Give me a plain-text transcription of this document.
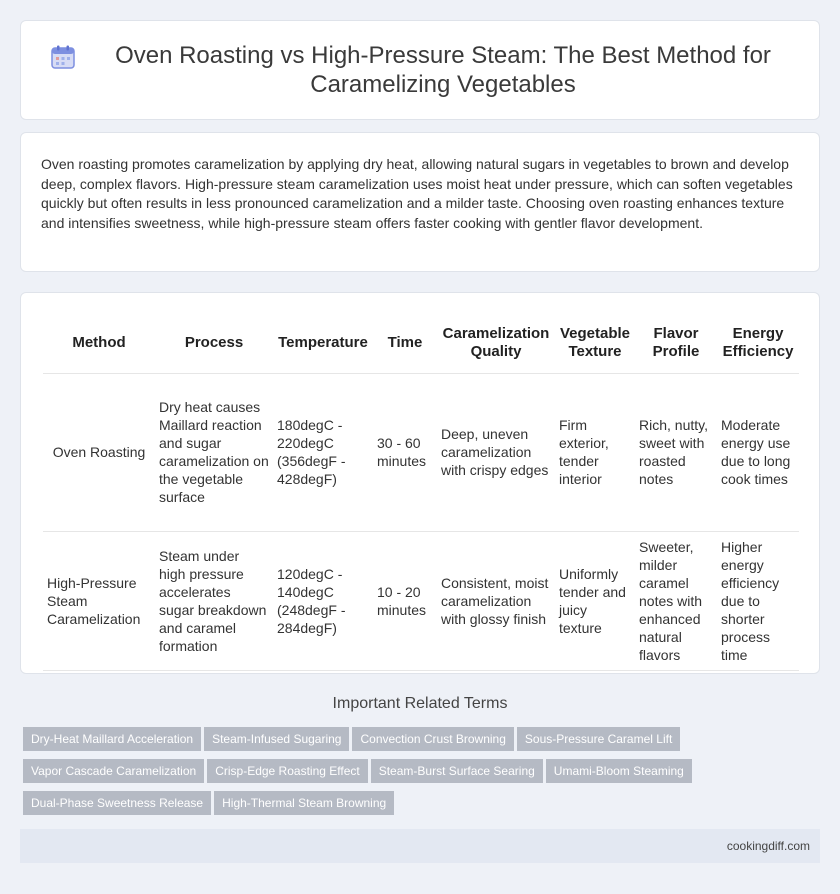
Oven Roasting vs High-Pressure Steam: The Best Method for Caramelizing Vegetables

Oven roasting promotes caramelization by applying dry heat, allowing natural sugars in vegetables to brown and develop deep, complex flavors. High-pressure steam caramelization uses moist heat under pressure, which can soften vegetables quickly but often results in less pronounced caramelization and a milder taste. Choosing oven roasting enhances texture and intensifies sweetness, while high-pressure steam offers faster cooking with gentler flavor development.

Method	Process	Temperature	Time	Caramelization Quality	Vegetable Texture	Flavor Profile	Energy Efficiency
Oven Roasting	Dry heat causes Maillard reaction and sugar caramelization on the vegetable surface	180degC - 220degC (356degF - 428degF)	30 - 60 minutes	Deep, uneven caramelization with crispy edges	Firm exterior, tender interior	Rich, nutty, sweet with roasted notes	Moderate energy use due to long cook times
High-Pressure Steam Caramelization	Steam under high pressure accelerates sugar breakdown and caramel formation	120degC - 140degC (248degF - 284degF)	10 - 20 minutes	Consistent, moist caramelization with glossy finish	Uniformly tender and juicy texture	Sweeter, milder caramel notes with enhanced natural flavors	Higher energy efficiency due to shorter process time
Important Related Terms
Dry-Heat Maillard Acceleration Steam-Infused Sugaring Convection Crust Browning Sous-Pressure Caramel Lift
Vapor Cascade Caramelization Crisp-Edge Roasting Effect Steam-Burst Surface Searing Umami-Bloom Steaming
Dual-Phase Sweetness Release High-Thermal Steam Browning
cookingdiff.com
